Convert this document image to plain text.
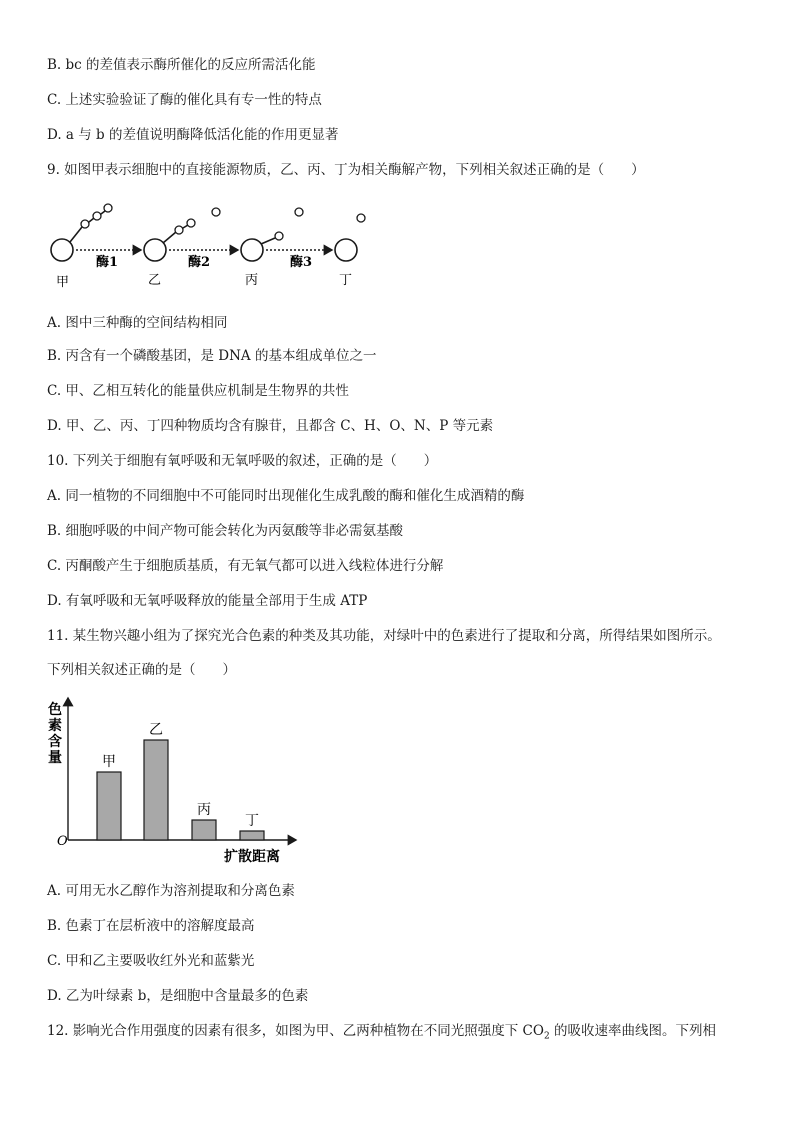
B. bc 的差值表示酶所催化的反应所需活化能
C. 上述实验验证了酶的催化具有专一性的特点
D. a 与 b 的差值说明酶降低活化能的作用更显著
9. 如图甲表示细胞中的直接能源物质，乙、丙、丁为相关酶解产物，下列相关叙述正确的是（　　）
酶1	酶2	酶3
甲	乙	丙	丁
A. 图中三种酶的空间结构相同
B. 丙含有一个磷酸基团，是 DNA 的基本组成单位之一
C. 甲、乙相互转化的能量供应机制是生物界的共性
D. 甲、乙、丙、丁四种物质均含有腺苷，且都含 C、H、O、N、P 等元素
10. 下列关于细胞有氧呼吸和无氧呼吸的叙述，正确的是（　　）
A. 同一植物的不同细胞中不可能同时出现催化生成乳酸的酶和催化生成酒精的酶
B. 细胞呼吸的中间产物可能会转化为丙氨酸等非必需氨基酸
C. 丙酮酸产生于细胞质基质，有无氧气都可以进入线粒体进行分解
D. 有氧呼吸和无氧呼吸释放的能量全部用于生成 ATP
11. 某生物兴趣小组为了探究光合色素的种类及其功能，对绿叶中的色素进行了提取和分离，所得结果如图所示。
下列相关叙述正确的是（　　）
O
扩散距离
色
素
含
量	甲
乙
丙
丁
A. 可用无水乙醇作为溶剂提取和分离色素
B. 色素丁在层析液中的溶解度最高
C. 甲和乙主要吸收红外光和蓝紫光
D. 乙为叶绿素 b，是细胞中含量最多的色素
12. 影响光合作用强度的因素有很多，如图为甲、乙两种植物在不同光照强度下 $CO_2$ 的吸收速率曲线图。下列相
